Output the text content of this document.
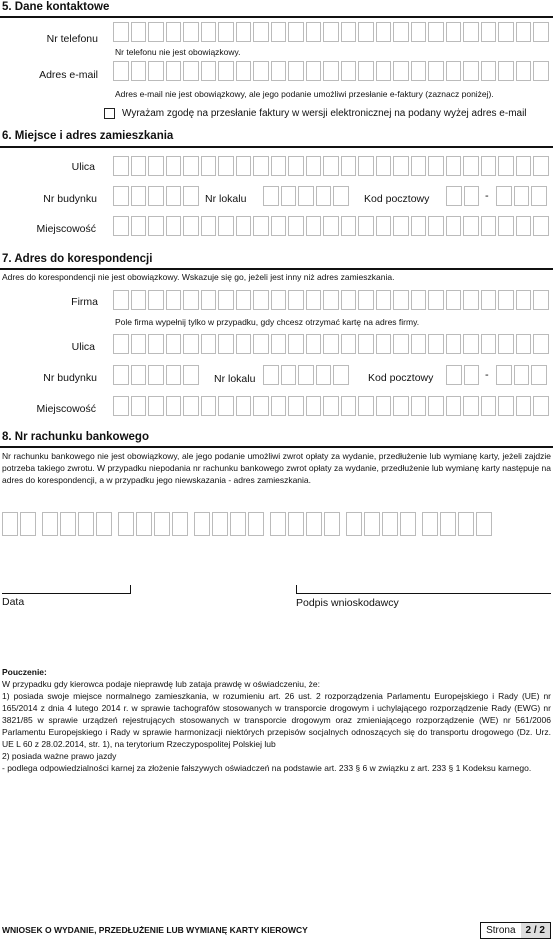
5. Dane kontaktowe
Nr telefonu
Nr telefonu nie jest obowiązkowy.
Adres e-mail
Adres e-mail nie jest obowiązkowy, ale jego podanie umożliwi przesłanie e-faktury (zaznacz poniżej).
Wyrażam zgodę na przesłanie faktury w wersji elektronicznej na podany wyżej adres e-mail
6. Miejsce i adres zamieszkania
Ulica
Nr budynku	Nr lokalu	Kod pocztowy	-
Miejscowość
7. Adres do korespondencji
Adres do korespondencji nie jest obowiązkowy. Wskazuje się go, jeżeli jest inny niż adres zamieszkania.
Firma
Pole firma wypełnij tylko w przypadku, gdy chcesz otrzymać kartę na adres firmy.
Ulica
Nr budynku	Nr lokalu	Kod pocztowy	-
Miejscowość
8. Nr rachunku bankowego
Nr rachunku bankowego nie jest obowiązkowy, ale jego podanie umożliwi zwrot opłaty za wydanie, przedłużenie lub wymianę karty, jeżeli zajdzie potrzeba takiego zwrotu. W przypadku niepodania nr rachunku bankowego zwrot opłaty za wydanie, przedłużenie lub wymianę karty następuje na adres do korespondencji, a w przypadku jego niewskazania - adres zamieszkania.
Data	Podpis wnioskodawcy
Pouczenie:
W przypadku gdy kierowca podaje nieprawdę lub zataja prawdę w oświadczeniu, że:
1) posiada swoje miejsce normalnego zamieszkania, w rozumieniu art. 26 ust. 2 rozporządzenia Parlamentu Europejskiego i Rady (UE) nr 165/2014 z dnia 4 lutego 2014 r. w sprawie tachografów stosowanych w transporcie drogowym i uchylającego rozporządzenie Rady (EWG) nr 3821/85 w sprawie urządzeń rejestrujących stosowanych w transporcie drogowym oraz zmieniającego rozporządzenie (WE) nr 561/2006 Parlamentu Europejskiego i Rady w sprawie harmonizacji niektórych przepisów socjalnych odnoszących się do transportu drogowego (Dz. Urz. UE L 60 z 28.02.2014, str. 1), na terytorium Rzeczypospolitej Polskiej lub
2) posiada ważne prawo jazdy
- podlega odpowiedzialności karnej za złożenie fałszywych oświadczeń na podstawie art. 233 § 6 w związku z art. 233 § 1 Kodeksu karnego.
WNIOSEK O WYDANIE, PRZEDŁUŻENIE LUB WYMIANĘ KARTY KIEROWCY	Strona	2 / 2
